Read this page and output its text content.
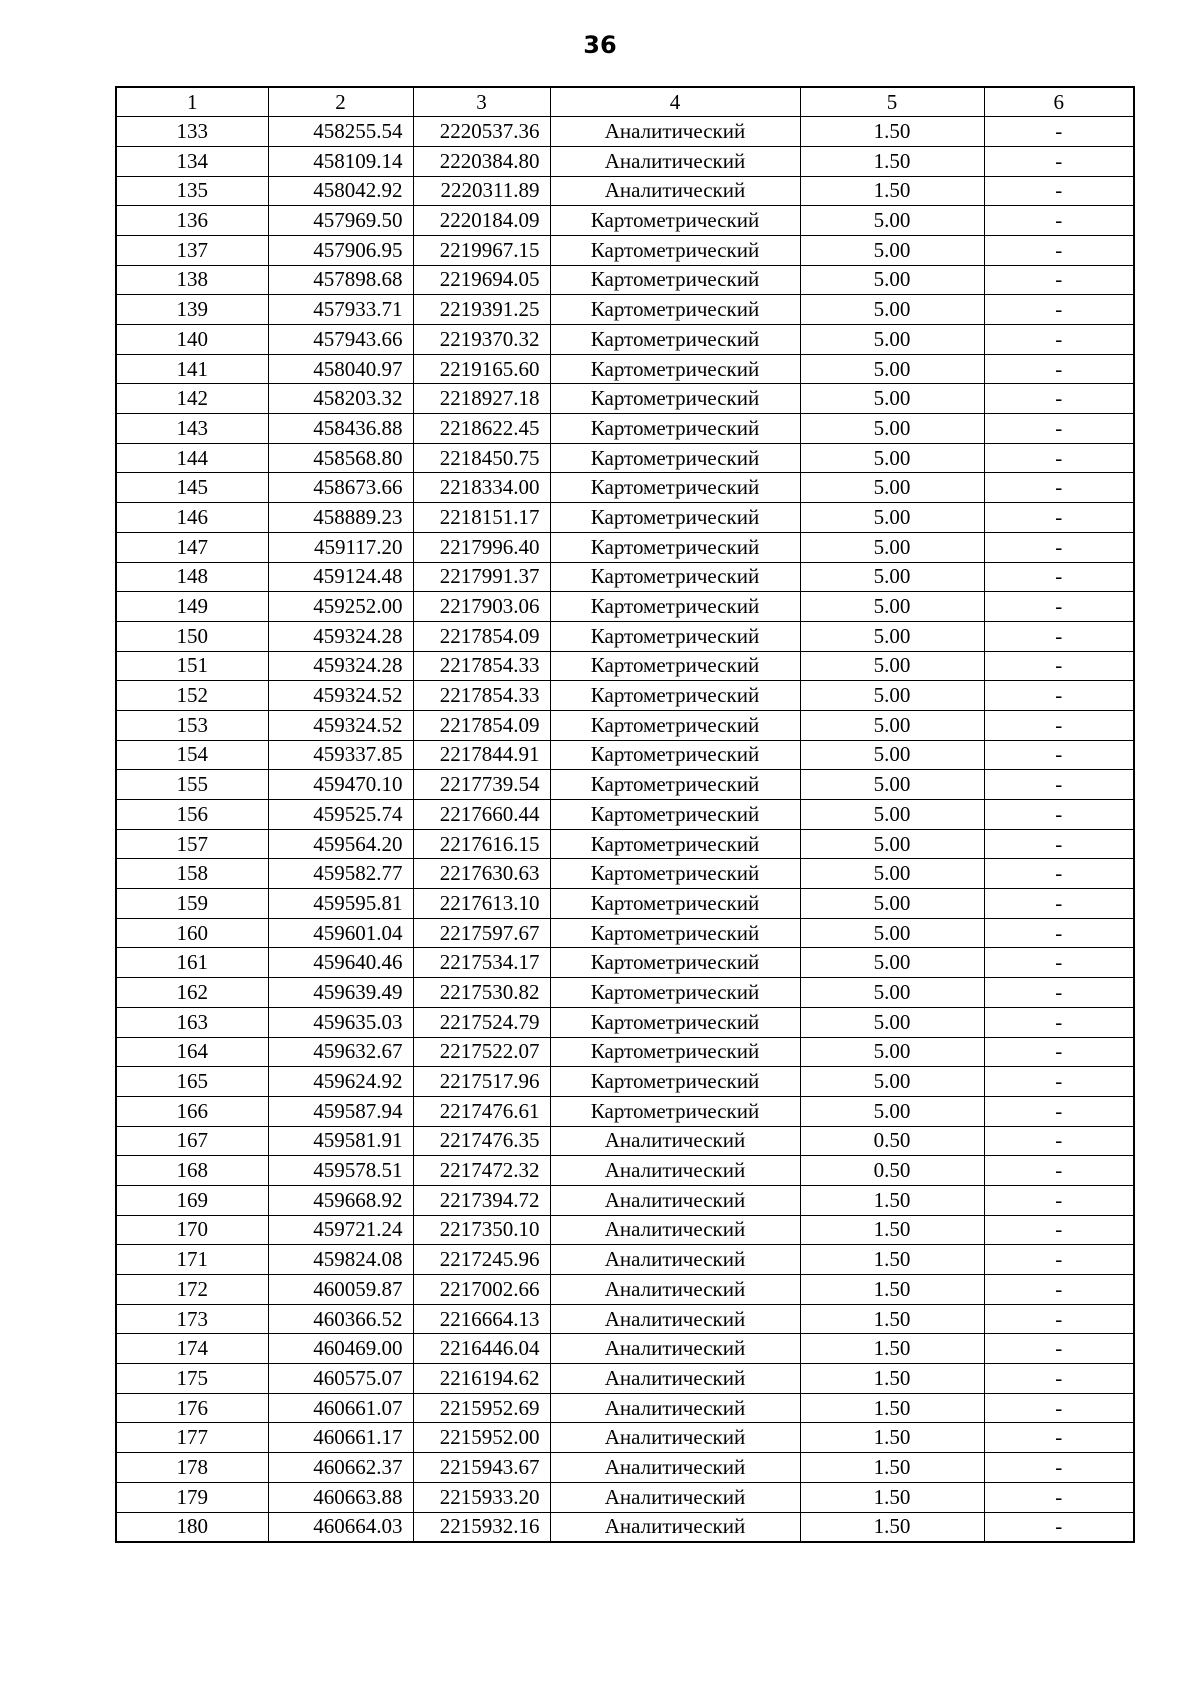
36
1	2	3	4	5	6
133	458255.54	2220537.36	Аналитический	1.50	-
134	458109.14	2220384.80	Аналитический	1.50	-
135	458042.92	2220311.89	Аналитический	1.50	-
136	457969.50	2220184.09	Картометрический	5.00	-
137	457906.95	2219967.15	Картометрический	5.00	-
138	457898.68	2219694.05	Картометрический	5.00	-
139	457933.71	2219391.25	Картометрический	5.00	-
140	457943.66	2219370.32	Картометрический	5.00	-
141	458040.97	2219165.60	Картометрический	5.00	-
142	458203.32	2218927.18	Картометрический	5.00	-
143	458436.88	2218622.45	Картометрический	5.00	-
144	458568.80	2218450.75	Картометрический	5.00	-
145	458673.66	2218334.00	Картометрический	5.00	-
146	458889.23	2218151.17	Картометрический	5.00	-
147	459117.20	2217996.40	Картометрический	5.00	-
148	459124.48	2217991.37	Картометрический	5.00	-
149	459252.00	2217903.06	Картометрический	5.00	-
150	459324.28	2217854.09	Картометрический	5.00	-
151	459324.28	2217854.33	Картометрический	5.00	-
152	459324.52	2217854.33	Картометрический	5.00	-
153	459324.52	2217854.09	Картометрический	5.00	-
154	459337.85	2217844.91	Картометрический	5.00	-
155	459470.10	2217739.54	Картометрический	5.00	-
156	459525.74	2217660.44	Картометрический	5.00	-
157	459564.20	2217616.15	Картометрический	5.00	-
158	459582.77	2217630.63	Картометрический	5.00	-
159	459595.81	2217613.10	Картометрический	5.00	-
160	459601.04	2217597.67	Картометрический	5.00	-
161	459640.46	2217534.17	Картометрический	5.00	-
162	459639.49	2217530.82	Картометрический	5.00	-
163	459635.03	2217524.79	Картометрический	5.00	-
164	459632.67	2217522.07	Картометрический	5.00	-
165	459624.92	2217517.96	Картометрический	5.00	-
166	459587.94	2217476.61	Картометрический	5.00	-
167	459581.91	2217476.35	Аналитический	0.50	-
168	459578.51	2217472.32	Аналитический	0.50	-
169	459668.92	2217394.72	Аналитический	1.50	-
170	459721.24	2217350.10	Аналитический	1.50	-
171	459824.08	2217245.96	Аналитический	1.50	-
172	460059.87	2217002.66	Аналитический	1.50	-
173	460366.52	2216664.13	Аналитический	1.50	-
174	460469.00	2216446.04	Аналитический	1.50	-
175	460575.07	2216194.62	Аналитический	1.50	-
176	460661.07	2215952.69	Аналитический	1.50	-
177	460661.17	2215952.00	Аналитический	1.50	-
178	460662.37	2215943.67	Аналитический	1.50	-
179	460663.88	2215933.20	Аналитический	1.50	-
180	460664.03	2215932.16	Аналитический	1.50	-
